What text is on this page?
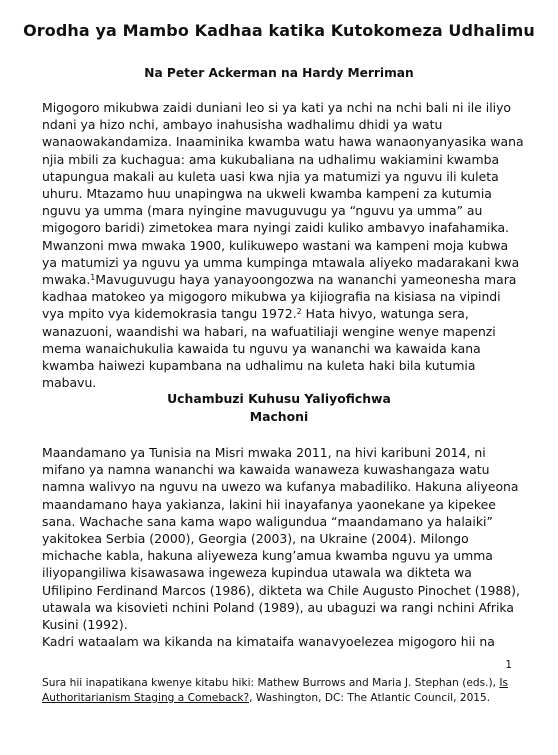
Orodha ya Mambo Kadhaa katika Kutokomeza Udhalimu

Na Peter Ackerman na Hardy Merriman

Migogoro mikubwa zaidi duniani leo si ya kati ya nchi na nchi bali ni ile iliyo ndani ya hizo nchi, ambayo inahusisha wadhalimu dhidi ya watu wanaowakandamiza. Inaaminika kwamba watu hawa wanaonyanyasika wana njia mbili za kuchagua: ama kukubaliana na udhalimu wakiamini kwamba utapungua makali au kuleta uasi kwa njia ya matumizi ya nguvu ili kuleta uhuru. Mtazamo huu unapingwa na ukweli kwamba kampeni za kutumia nguvu ya umma (mara nyingine mavuguvugu ya “nguvu ya umma” au migogoro baridi) zimetokea mara nyingi zaidi kuliko ambavyo inafahamika. Mwanzoni mwa mwaka 1900, kulikuwepo wastani wa kampeni moja kubwa ya matumizi ya nguvu ya umma kumpinga mtawala aliyeko madarakani kwa mwaka.$^1$Mavuguvugu haya yanayoongozwa na wananchi yameonesha mara kadhaa matokeo ya migogoro mikubwa ya kijiografia na kisiasa na vipindi vya mpito vya kidemokrasia tangu 1972.$^2$ Hata hivyo, watunga sera, wanazuoni, waandishi wa habari, na wafuatiliaji wengine wenye mapenzi mema wanaichukulia kawaida tu nguvu ya wananchi wa kawaida kana kwamba haiwezi kupambana na udhalimu na kuleta haki bila kutumia mabavu.

Uchambuzi Kuhusu Yaliyofichwa

Machoni

Maandamano ya Tunisia na Misri mwaka 2011, na hivi karibuni 2014, ni mifano ya namna wananchi wa kawaida wanaweza kuwashangaza watu namna walivyo na nguvu na uwezo wa kufanya mabadiliko. Hakuna aliyeona maandamano haya yakianza, lakini hii inayafanya yaonekane ya kipekee sana. Wachache sana kama wapo waligundua “maandamano ya halaiki” yakitokea Serbia (2000), Georgia (2003), na Ukraine (2004). Milongo michache kabla, hakuna aliyeweza kung’amua kwamba nguvu ya umma iliyopangiliwa kisawasawa ingeweza kupindua utawala wa dikteta wa Ufilipino Ferdinand Marcos (1986), dikteta wa Chile Augusto Pinochet (1988), utawala wa kisovieti nchini Poland (1989), au ubaguzi wa rangi nchini Afrika Kusini (1992).

Kadri wataalam wa kikanda na kimataifa wanavyoelezea migogoro hii na

1

Sura hii inapatikana kwenye kitabu hiki: Mathew Burrows and Maria J. Stephan (eds.), Is Authoritarianism Staging a Comeback?, Washington, DC: The Atlantic Council, 2015.
